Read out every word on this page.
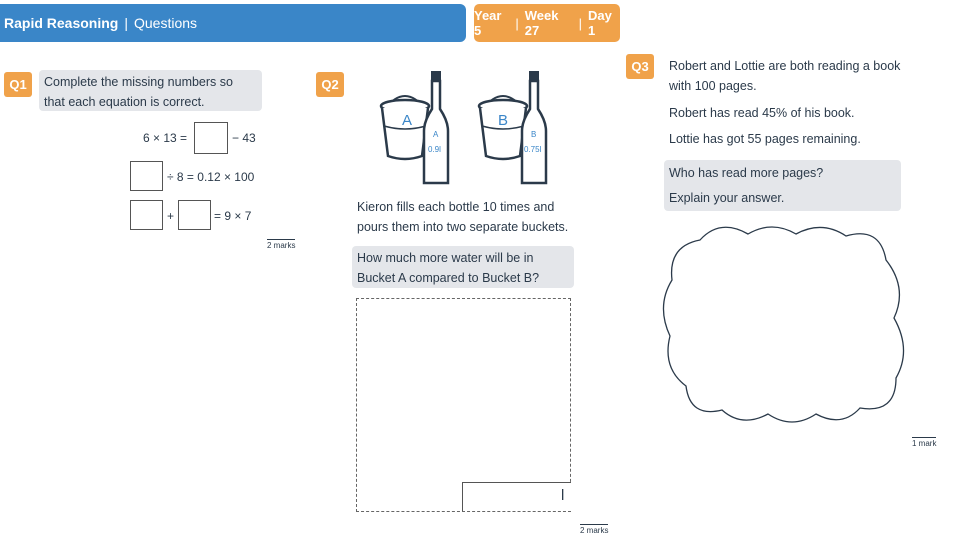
Rapid Reasoning | Questions	Year 5	| Week 27	| Day 1
Q1	Complete the missing numbers so that each equation is correct.
6 × 13 =	− 43
÷ 8 = 0.12 × 100
+	= 9 × 7
2 marks
Q2
A
A
0.9l
B
B
0.75l
Kieron fills each bottle 10 times and pours them into two separate buckets.
How much more water will be in Bucket A compared to Bucket B?
l
2 marks
Q3	Robert and Lottie are both reading a book with 100 pages.
Robert has read 45% of his book.
Lottie has got 55 pages remaining.
Who has read more pages?
Explain your answer.
1 mark
